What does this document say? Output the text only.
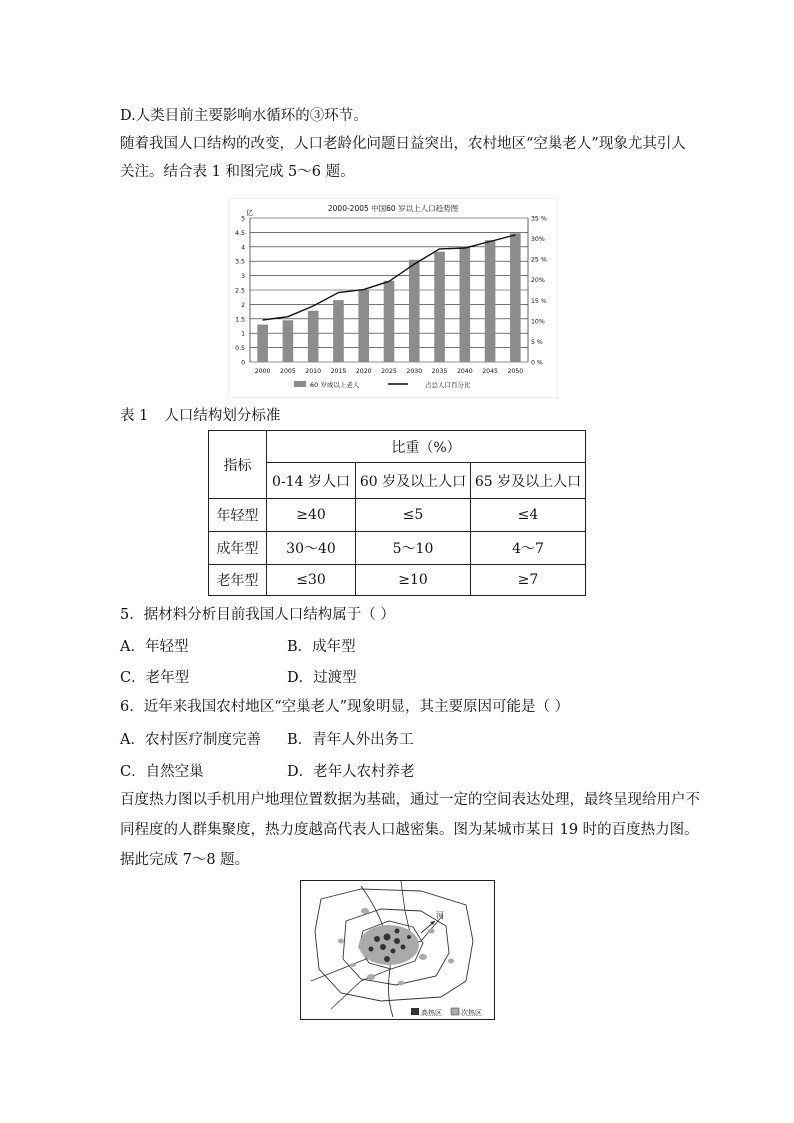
D.人类目前主要影响水循环的③环节。
随着我国人口结构的改变，人口老龄化问题日益突出，农村地区“空巢老人”现象尤其引人
关注。结合表 1 和图完成 5～6 题。
2000-2005 中国60 岁以上人口趋势图
亿
0
0.5
1
1.5
2
2.5
3
3.5
4
4.5
5
0 %
5 %
10%
15 %
20%
25 %
30%
35 %
2000 2005 2010 2015 2020 2025 2030 2035 2040 2045 2050
60 岁或以上老人	占总人口百分比
表 1 人口结构划分标准
指标	比重（%）		
	0-14 岁人口	60 岁及以上人口	65 岁及以上人口
年轻型	≥40	≤5	≤4
成年型	30～40	5～10	4～7
老年型	≤30	≥10	≥7
5．据材料分析目前我国人口结构属于（ ）
A．年轻型	B．成年型
C．老年型	D．过渡型
6．近年来我国农村地区“空巢老人”现象明显，其主要原因可能是（ ）
A．农村医疗制度完善 B．青年人外出务工
C．自然空巢	D．老年人农村养老
百度热力图以手机用户地理位置数据为基础，通过一定的空间表达处理，最终呈现给用户不
同程度的人群集聚度，热力度越高代表人口越密集。图为某城市某日 19 时的百度热力图。
据此完成 7～8 题。
河
高热区	次热区
